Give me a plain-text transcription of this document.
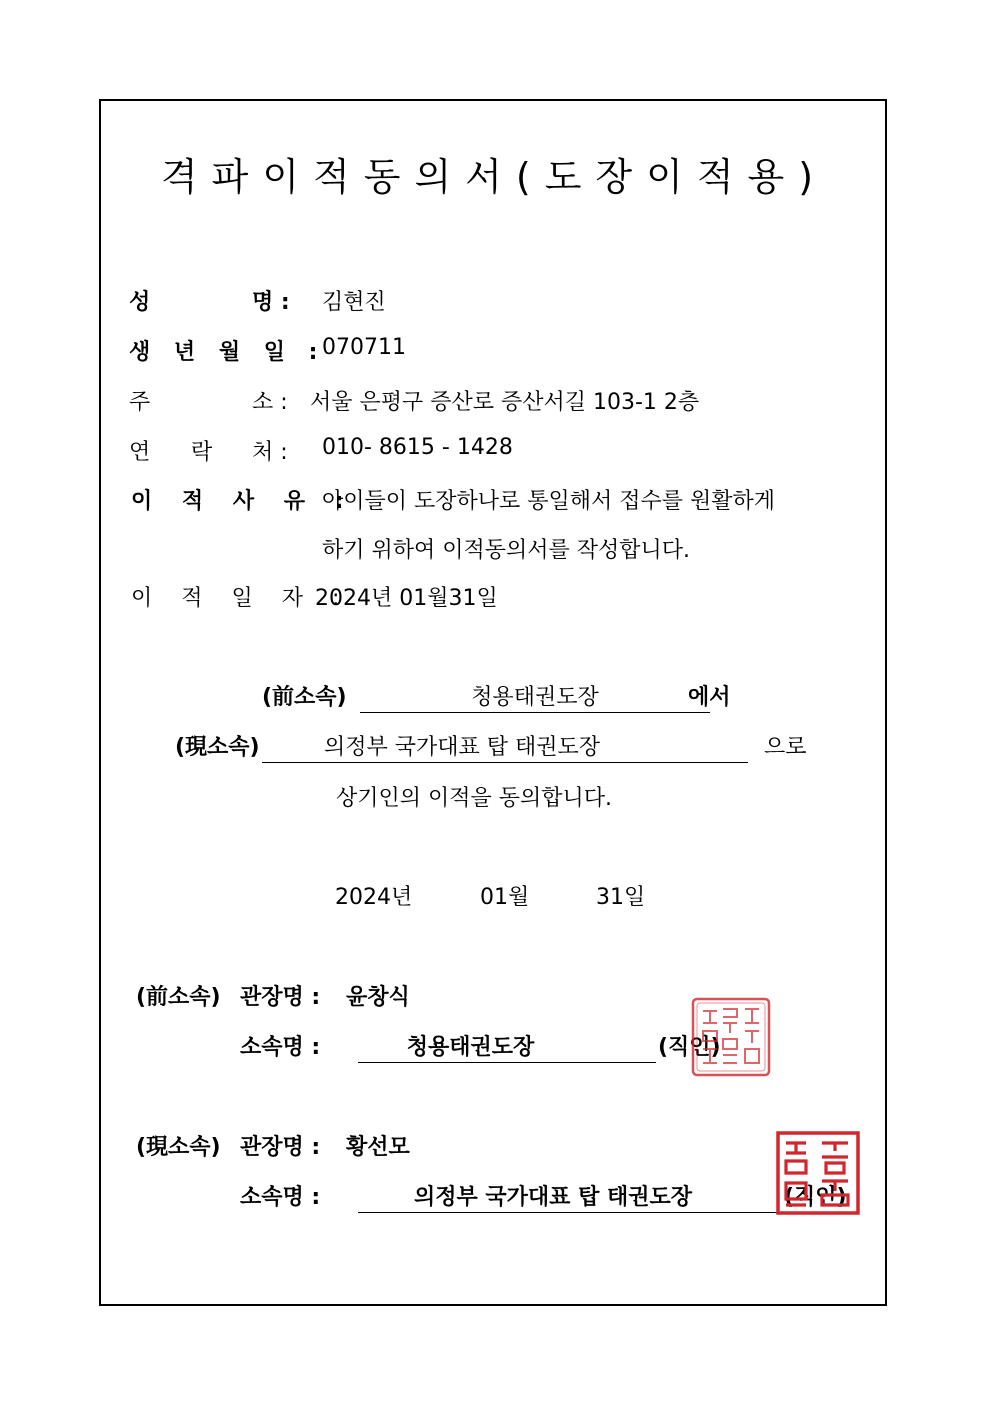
격파이적동의서(도장이적용)
성	명 : 김현진
생 년 월 일 :
070711
주	소 : 서울 은평구 증산로 증산서길 103-1 2층
연 락 처 : 010- 8615 - 1428
이 적 사 유 :
아이들이 도장하나로 통일해서 접수를 원활하게
하기 위하여 이적동의서를 작성합니다.
이 적 일 자 :
2024년 01월31일
(前소속)	청용태권도장	에서
(現소속)	의정부 국가대표 탑 태권도장	으로
상기인의 이적을 동의합니다.
2024년	01월	31일
(前소속) 관장명 : 윤창식
소속명 :	청용태권도장	(직인)
(現소속) 관장명 : 황선모
소속명 :	의정부 국가대표 탑 태권도장	(직인)
